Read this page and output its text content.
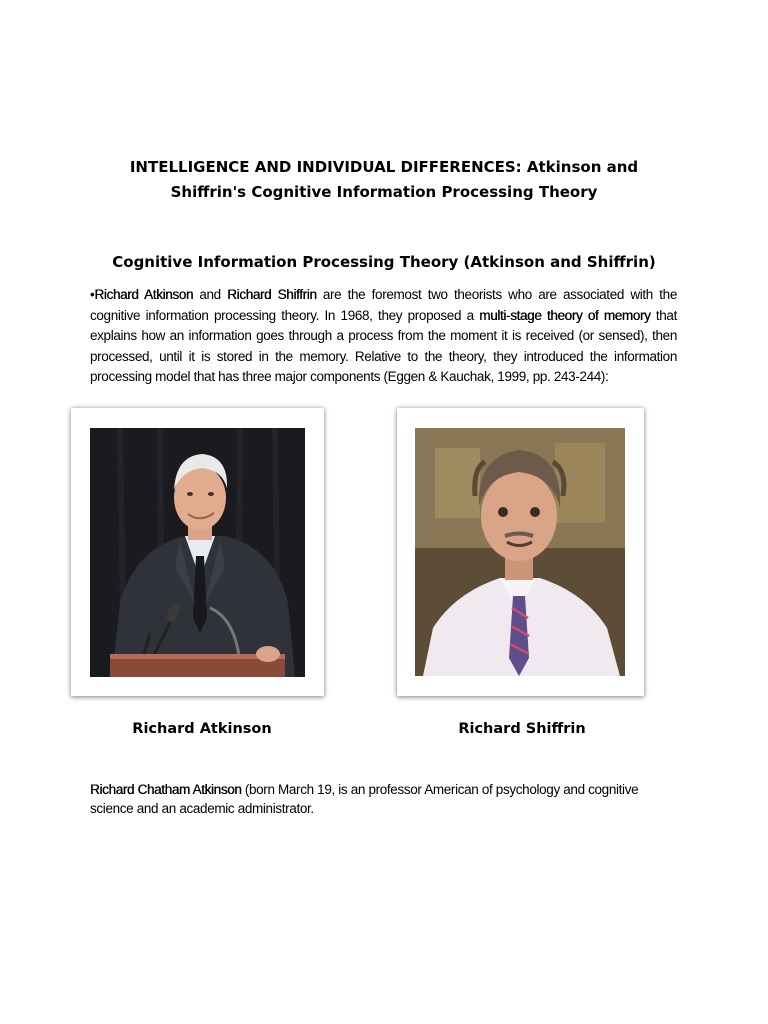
INTELLIGENCE AND INDIVIDUAL DIFFERENCES: Atkinson and Shiffrin's Cognitive Information Processing Theory
Cognitive Information Processing Theory (Atkinson and Shiffrin)

•Richard Atkinson and Richard Shiffrin are the foremost two theorists who are associated with the cognitive information processing theory. In 1968, they proposed a multi-stage theory of memory that explains how an information goes through a process from the moment it is received (or sensed), then processed, until it is stored in the memory. Relative to the theory, they introduced the information processing model that has three major components (Eggen & Kauchak, 1999, pp. 243-244):

Richard Atkinson	Richard Shiffrin

Richard Chatham Atkinson (born March 19, is an professor American of psychology and cognitive science and an academic administrator.
